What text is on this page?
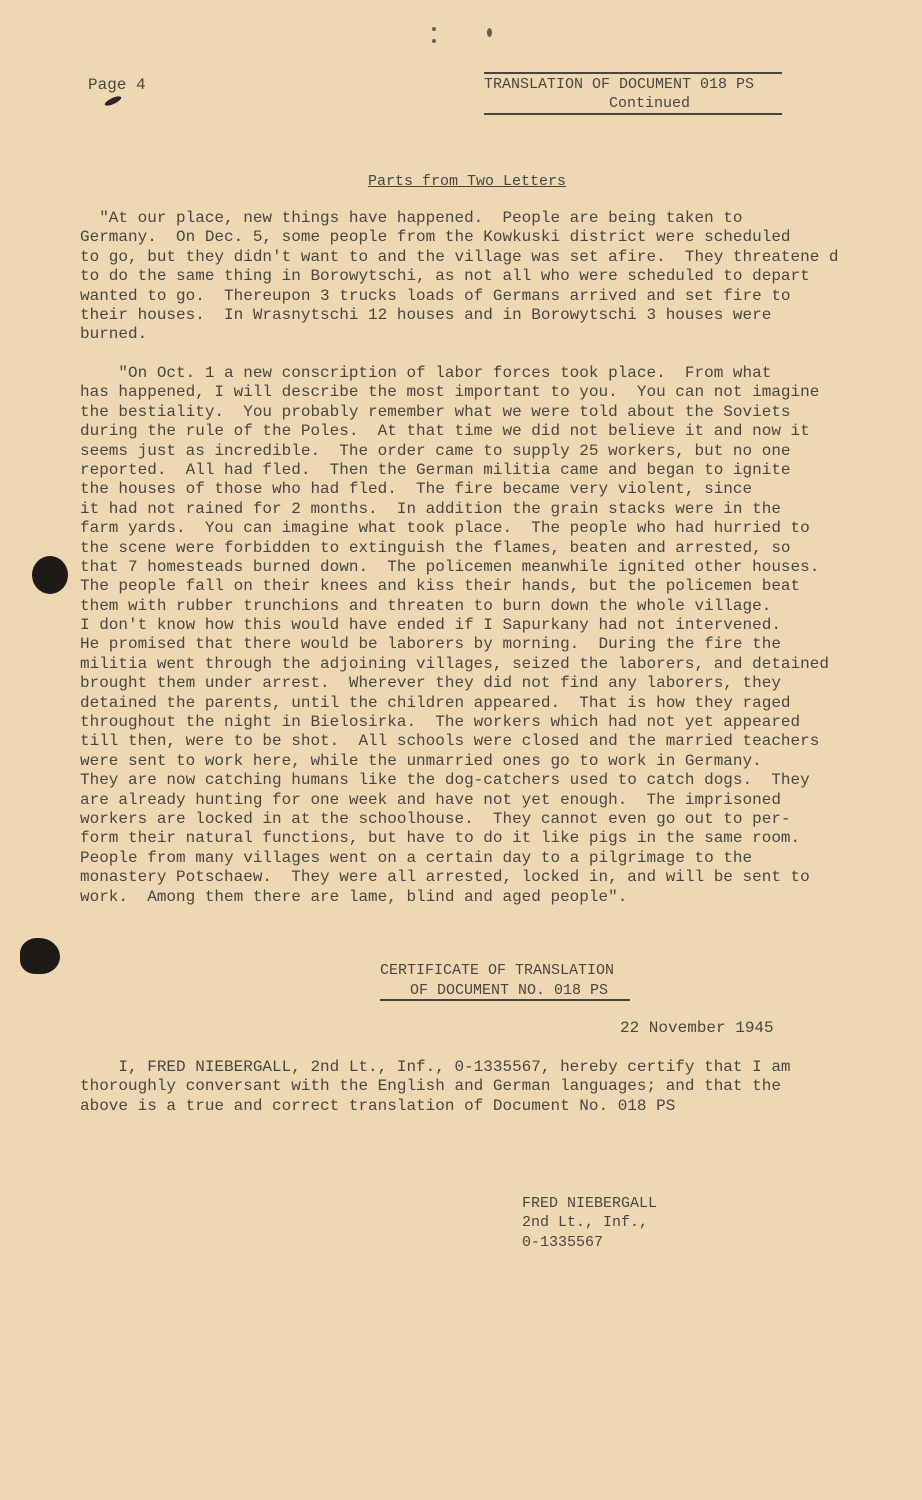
Page 4	TRANSLATION OF DOCUMENT 018 PS
Continued
Parts from Two Letters
"At our place, new things have happened.  People are being taken to
Germany.  On Dec. 5, some people from the Kowkuski district were scheduled
to go, but they didn't want to and the village was set afire.  They threatene d
to do the same thing in Borowytschi, as not all who were scheduled to depart
wanted to go.  Thereupon 3 trucks loads of Germans arrived and set fire to
their houses.  In Wrasnytschi 12 houses and in Borowytschi 3 houses were
burned.
"On Oct. 1 a new conscription of labor forces took place.  From what
has happened, I will describe the most important to you.  You can not imagine
the bestiality.  You probably remember what we were told about the Soviets
during the rule of the Poles.  At that time we did not believe it and now it
seems just as incredible.  The order came to supply 25 workers, but no one
reported.  All had fled.  Then the German militia came and began to ignite
the houses of those who had fled.  The fire became very violent, since
it had not rained for 2 months.  In addition the grain stacks were in the
farm yards.  You can imagine what took place.  The people who had hurried to
the scene were forbidden to extinguish the flames, beaten and arrested, so
that 7 homesteads burned down.  The policemen meanwhile ignited other houses.
The people fall on their knees and kiss their hands, but the policemen beat
them with rubber trunchions and threaten to burn down the whole village.
I don't know how this would have ended if I Sapurkany had not intervened.
He promised that there would be laborers by morning.  During the fire the
militia went through the adjoining villages, seized the laborers, and detained
brought them under arrest.  Wherever they did not find any laborers, they
detained the parents, until the children appeared.  That is how they raged
throughout the night in Bielosirka.  The workers which had not yet appeared
till then, were to be shot.  All schools were closed and the married teachers
were sent to work here, while the unmarried ones go to work in Germany.
They are now catching humans like the dog-catchers used to catch dogs.  They
are already hunting for one week and have not yet enough.  The imprisoned
workers are locked in at the schoolhouse.  They cannot even go out to per-
form their natural functions, but have to do it like pigs in the same room.
People from many villages went on a certain day to a pilgrimage to the
monastery Potschaew.  They were all arrested, locked in, and will be sent to
work.  Among them there are lame, blind and aged people".
CERTIFICATE OF TRANSLATION
OF DOCUMENT NO. 018 PS
22 November 1945
I, FRED NIEBERGALL, 2nd Lt., Inf., 0-1335567, hereby certify that I am
thoroughly conversant with the English and German languages; and that the
above is a true and correct translation of Document No. 018 PS
FRED NIEBERGALL
2nd Lt., Inf.,
0-1335567
